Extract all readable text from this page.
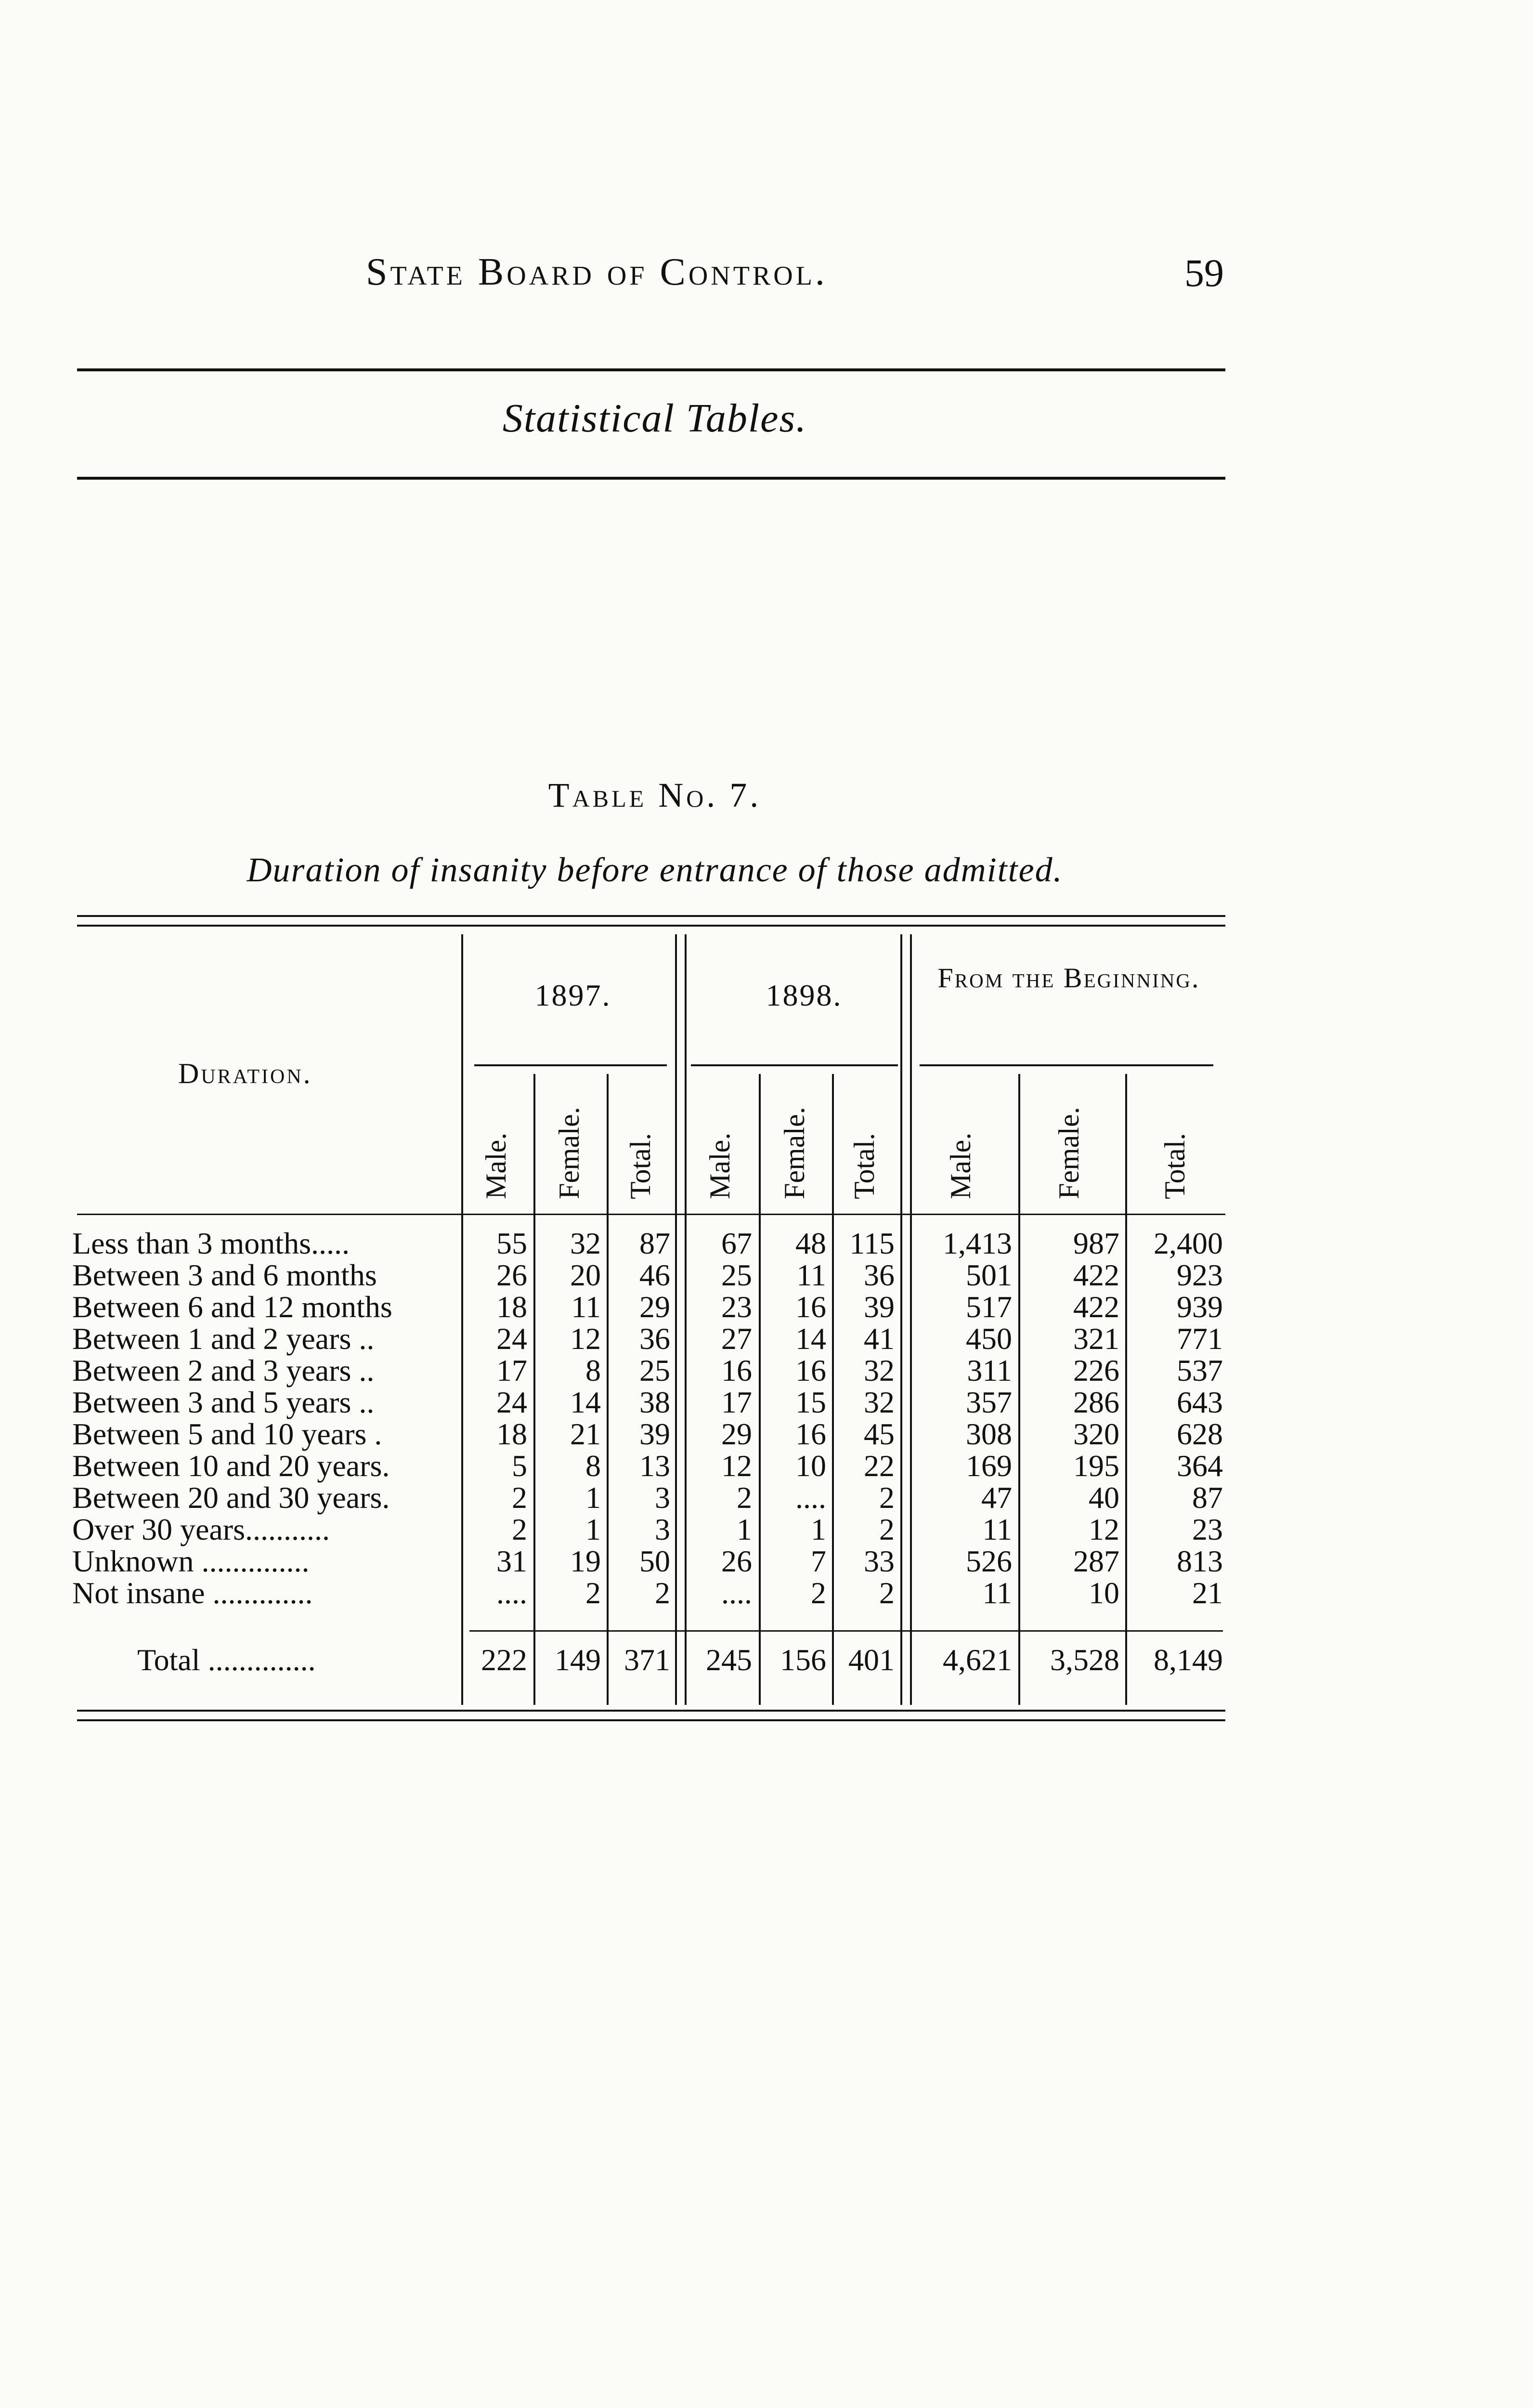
State Board of Control.	59
Statistical Tables.
Table No. 7.
Duration of insanity before entrance of those admitted.
Duration.
1897.	1898.
From the Beginning.
Male. Female. Total. Male. Female. Total. Male.	Female.	Total.
Less than 3 months.....	55 32 87 67 48 115 1,413 987 2,400
Between 3 and 6 months	26 20 46 25 11 36 501 422 923
Between 6 and 12 months	18 11 29 23 16 39 517 422 939
Between 1 and 2 years ..	24 12 36 27 14 41 450 321 771
Between 2 and 3 years ..	17 8 25 16 16 32 311 226 537
Between 3 and 5 years ..	24 14 38 17 15 32 357 286 643
Between 5 and 10 years .	18 21 39 29 16 45 308 320 628
Between 10 and 20 years.	5 8 13 12 10 22 169 195 364
Between 20 and 30 years.	2 1 3 2 .... 2	47 40 87
Over 30 years...........	2 1 3 1 1 2	11 12 23
Unknown ..............	31 19 50 26 7 33 526 287 813
Not insane .............	.... 2 2 .... 2 2	11 10 21
Total ..............	222 149 371 245 156 401 4,621 3,528 8,149
